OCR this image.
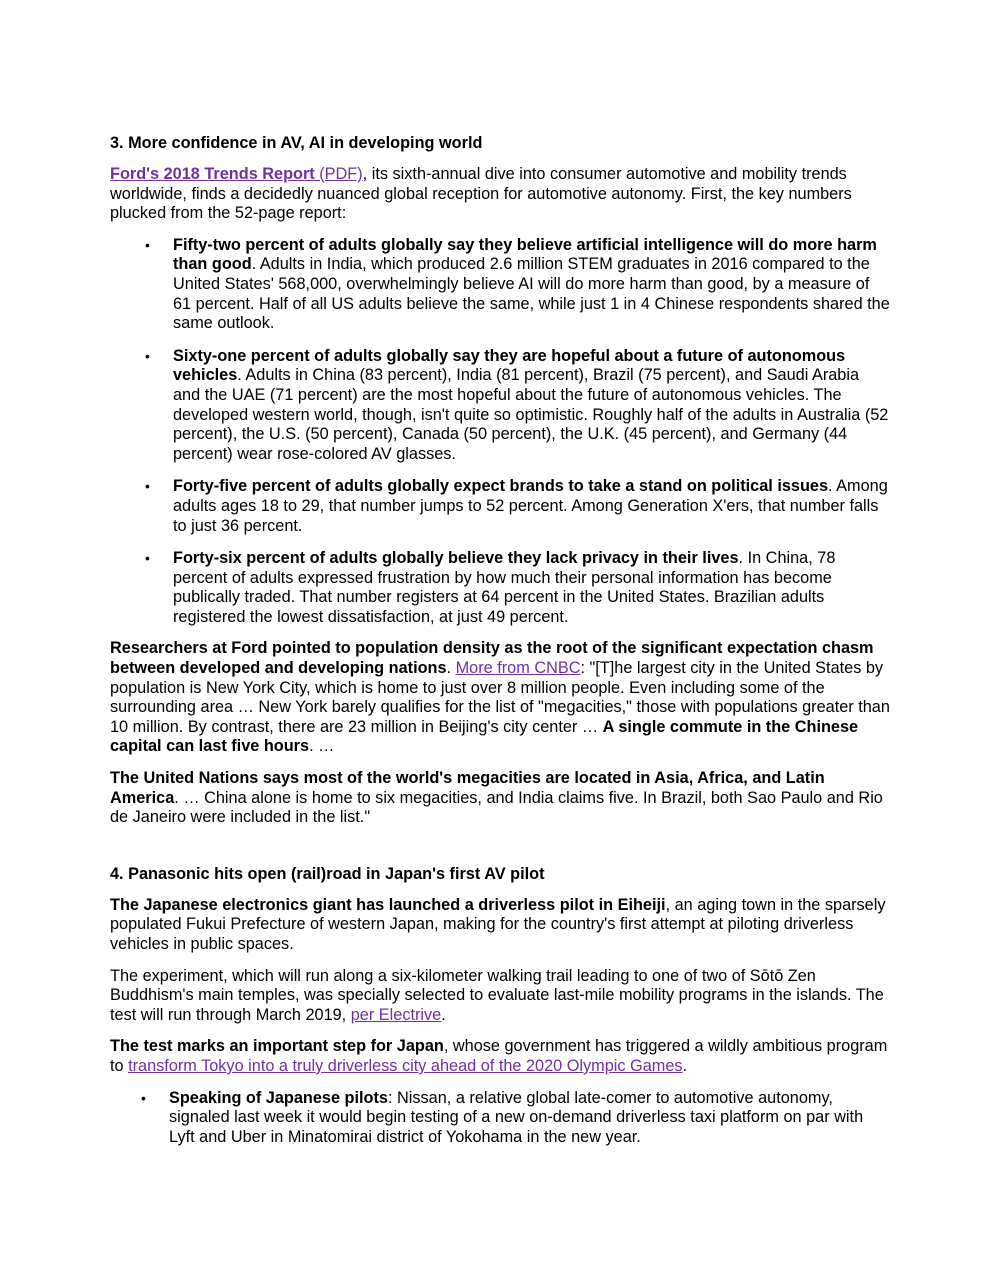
3. More confidence in AV, AI in developing world

Ford's 2018 Trends Report (PDF), its sixth-annual dive into consumer automotive and mobility trends worldwide, finds a decidedly nuanced global reception for automotive autonomy. First, the key numbers plucked from the 52-page report:

• Fifty-two percent of adults globally say they believe artificial intelligence will do more harm than good. Adults in India, which produced 2.6 million STEM graduates in 2016 compared to the United States' 568,000, overwhelmingly believe AI will do more harm than good, by a measure of 61 percent. Half of all US adults believe the same, while just 1 in 4 Chinese respondents shared the same outlook.
• Sixty-one percent of adults globally say they are hopeful about a future of autonomous vehicles. Adults in China (83 percent), India (81 percent), Brazil (75 percent), and Saudi Arabia and the UAE (71 percent) are the most hopeful about the future of autonomous vehicles. The developed western world, though, isn't quite so optimistic. Roughly half of the adults in Australia (52 percent), the U.S. (50 percent), Canada (50 percent), the U.K. (45 percent), and Germany (44 percent) wear rose-colored AV glasses.
• Forty-five percent of adults globally expect brands to take a stand on political issues. Among adults ages 18 to 29, that number jumps to 52 percent. Among Generation X'ers, that number falls to just 36 percent.
• Forty-six percent of adults globally believe they lack privacy in their lives. In China, 78 percent of adults expressed frustration by how much their personal information has become publically traded. That number registers at 64 percent in the United States. Brazilian adults registered the lowest dissatisfaction, at just 49 percent.

Researchers at Ford pointed to population density as the root of the significant expectation chasm between developed and developing nations. More from CNBC: "[T]he largest city in the United States by population is New York City, which is home to just over 8 million people. Even including some of the surrounding area … New York barely qualifies for the list of "megacities," those with populations greater than 10 million. By contrast, there are 23 million in Beijing's city center … A single commute in the Chinese capital can last five hours. …

The United Nations says most of the world's megacities are located in Asia, Africa, and Latin America. … China alone is home to six megacities, and India claims five. In Brazil, both Sao Paulo and Rio de Janeiro were included in the list."

4. Panasonic hits open (rail)road in Japan's first AV pilot

The Japanese electronics giant has launched a driverless pilot in Eiheiji, an aging town in the sparsely populated Fukui Prefecture of western Japan, making for the country's first attempt at piloting driverless vehicles in public spaces.

The experiment, which will run along a six-kilometer walking trail leading to one of two of Sōtō Zen Buddhism's main temples, was specially selected to evaluate last-mile mobility programs in the islands. The test will run through March 2019, per Electrive.

The test marks an important step for Japan, whose government has triggered a wildly ambitious program to transform Tokyo into a truly driverless city ahead of the 2020 Olympic Games.

• Speaking of Japanese pilots: Nissan, a relative global late-comer to automotive autonomy, signaled last week it would begin testing of a new on-demand driverless taxi platform on par with Lyft and Uber in Minatomirai district of Yokohama in the new year.
